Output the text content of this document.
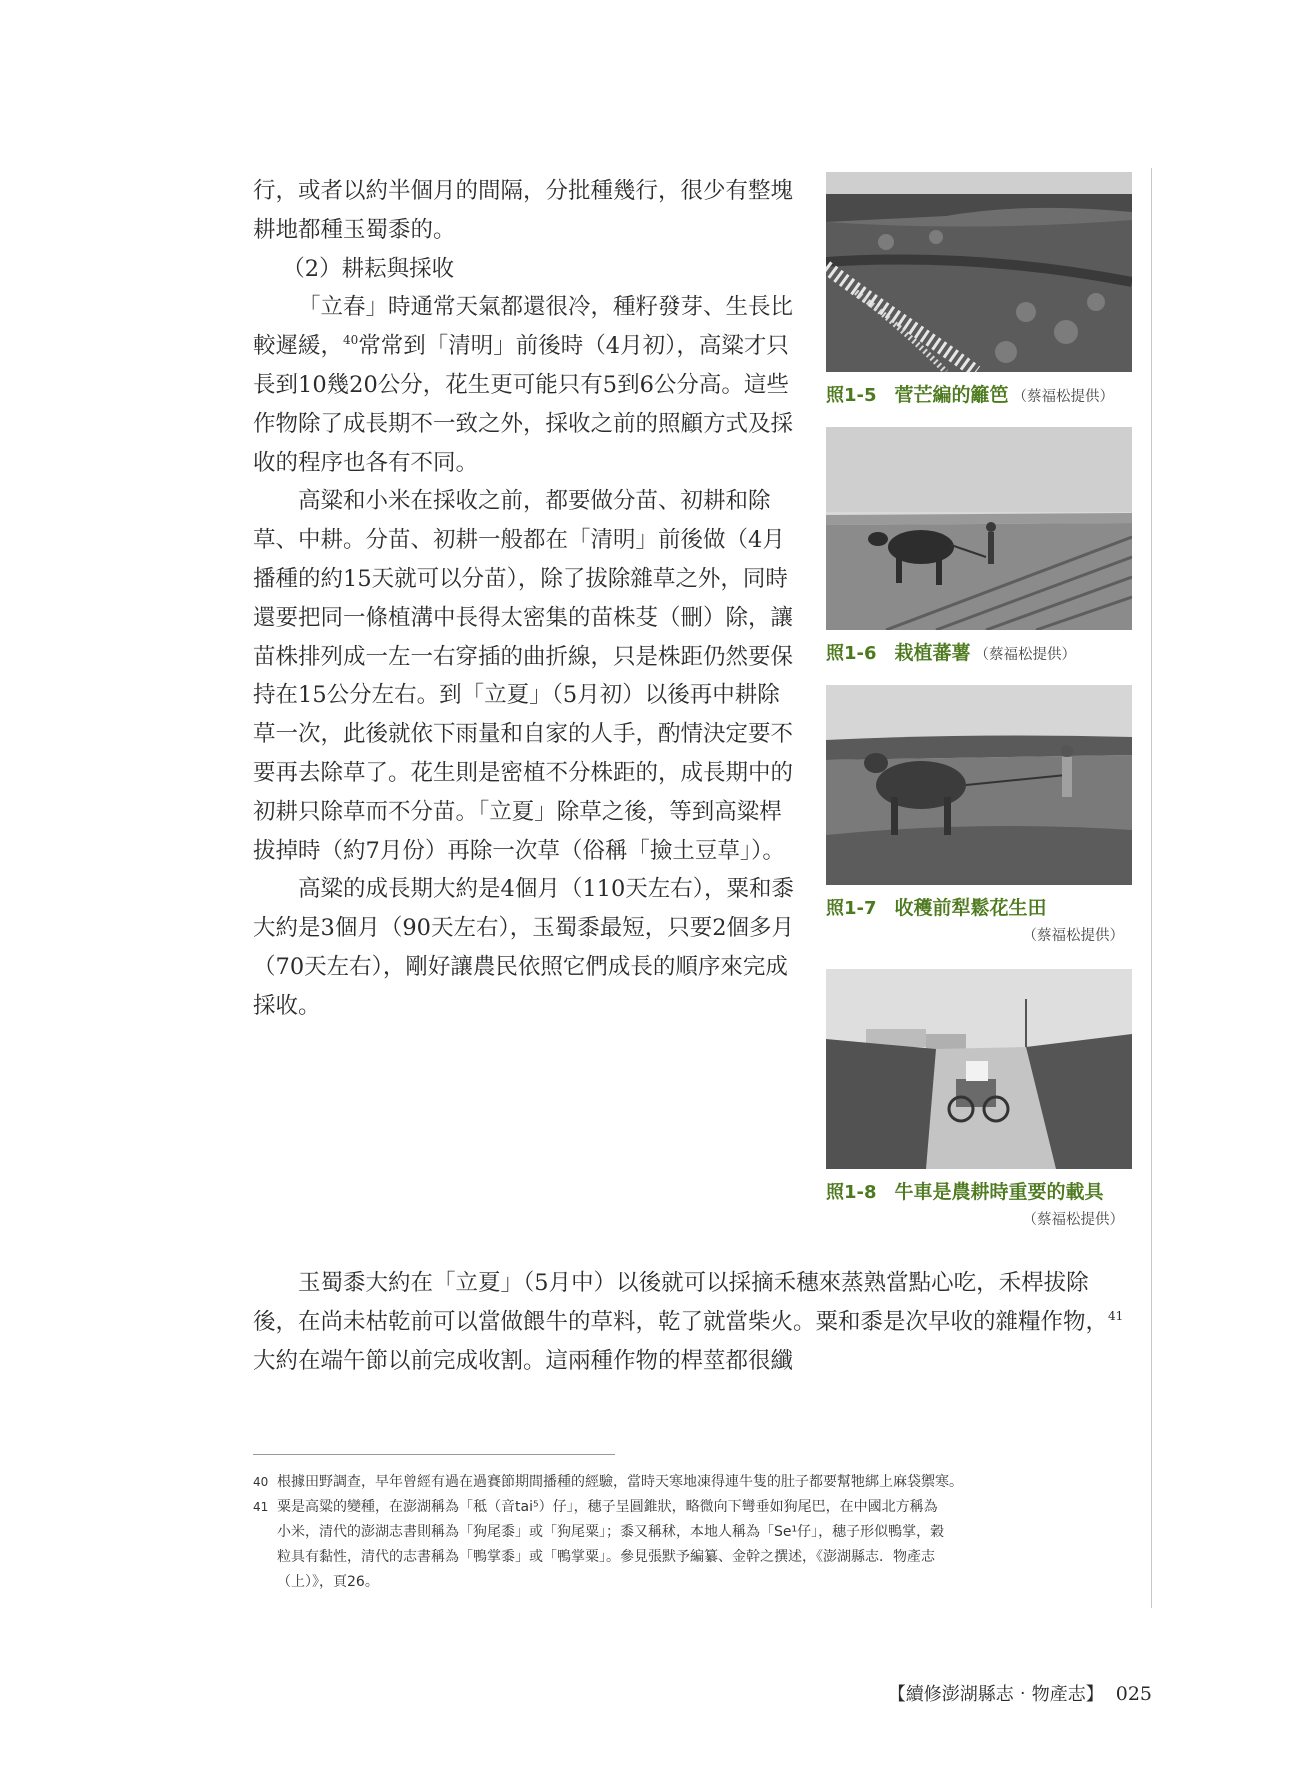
行，或者以約半個月的間隔，分批種幾行，很少有整塊耕地都種玉蜀黍的。

（2）耕耘與採收

「立春」時通常天氣都還很冷，種籽發芽、生長比較遲緩，$^{40}$常常到「清明」前後時（4月初），高粱才只長到10幾20公分，花生更可能只有5到6公分高。這些作物除了成長期不一致之外，採收之前的照顧方式及採收的程序也各有不同。

高粱和小米在採收之前，都要做分苗、初耕和除草、中耕。分苗、初耕一般都在「清明」前後做（4月播種的約15天就可以分苗），除了拔除雜草之外，同時還要把同一條植溝中長得太密集的苗株芟（刪）除，讓苗株排列成一左一右穿插的曲折線，只是株距仍然要保持在15公分左右。到「立夏」（5月初）以後再中耕除草一次，此後就依下雨量和自家的人手，酌情決定要不要再去除草了。花生則是密植不分株距的，成長期中的初耕只除草而不分苗。「立夏」除草之後，等到高粱桿拔掉時（約7月份）再除一次草（俗稱「撿土豆草」）。

高粱的成長期大約是4個月（110天左右），粟和黍大約是3個月（90天左右），玉蜀黍最短，只要2個多月（70天左右），剛好讓農民依照它們成長的順序來完成採收。

玉蜀黍大約在「立夏」（5月中）以後就可以採摘禾穗來蒸熟當點心吃，禾桿拔除後，在尚未枯乾前可以當做餵牛的草料，乾了就當柴火。粟和黍是次早收的雜糧作物，$^{41}$大約在端午節以前完成收割。這兩種作物的桿莖都很纖

照1-5 菅芒編的籬笆 （蔡福松提供）
照1-6 栽植蕃薯 （蔡福松提供）
照1-7 收穫前犁鬆花生田
（蔡福松提供）
照1-8 牛車是農耕時重要的載具
（蔡福松提供）
40 根據田野調查，早年曾經有過在過賽節期間播種的經驗，當時天寒地凍得連牛隻的肚子都要幫牠綁上麻袋禦寒。
41 粟是高粱的變種，在澎湖稱為「秪（音tai⁵）仔」，穗子呈圓錐狀，略微向下彎垂如狗尾巴，在中國北方稱為
小米，清代的澎湖志書則稱為「狗尾黍」或「狗尾粟」；黍又稱秫，本地人稱為「Se¹仔」，穗子形似鴨掌，穀
粒具有黏性，清代的志書稱為「鴨掌黍」或「鴨掌粟」。參見張默予編纂、金幹之撰述，《澎湖縣志．物產志
（上）》，頁26。
【續修澎湖縣志‧物產志】 025
